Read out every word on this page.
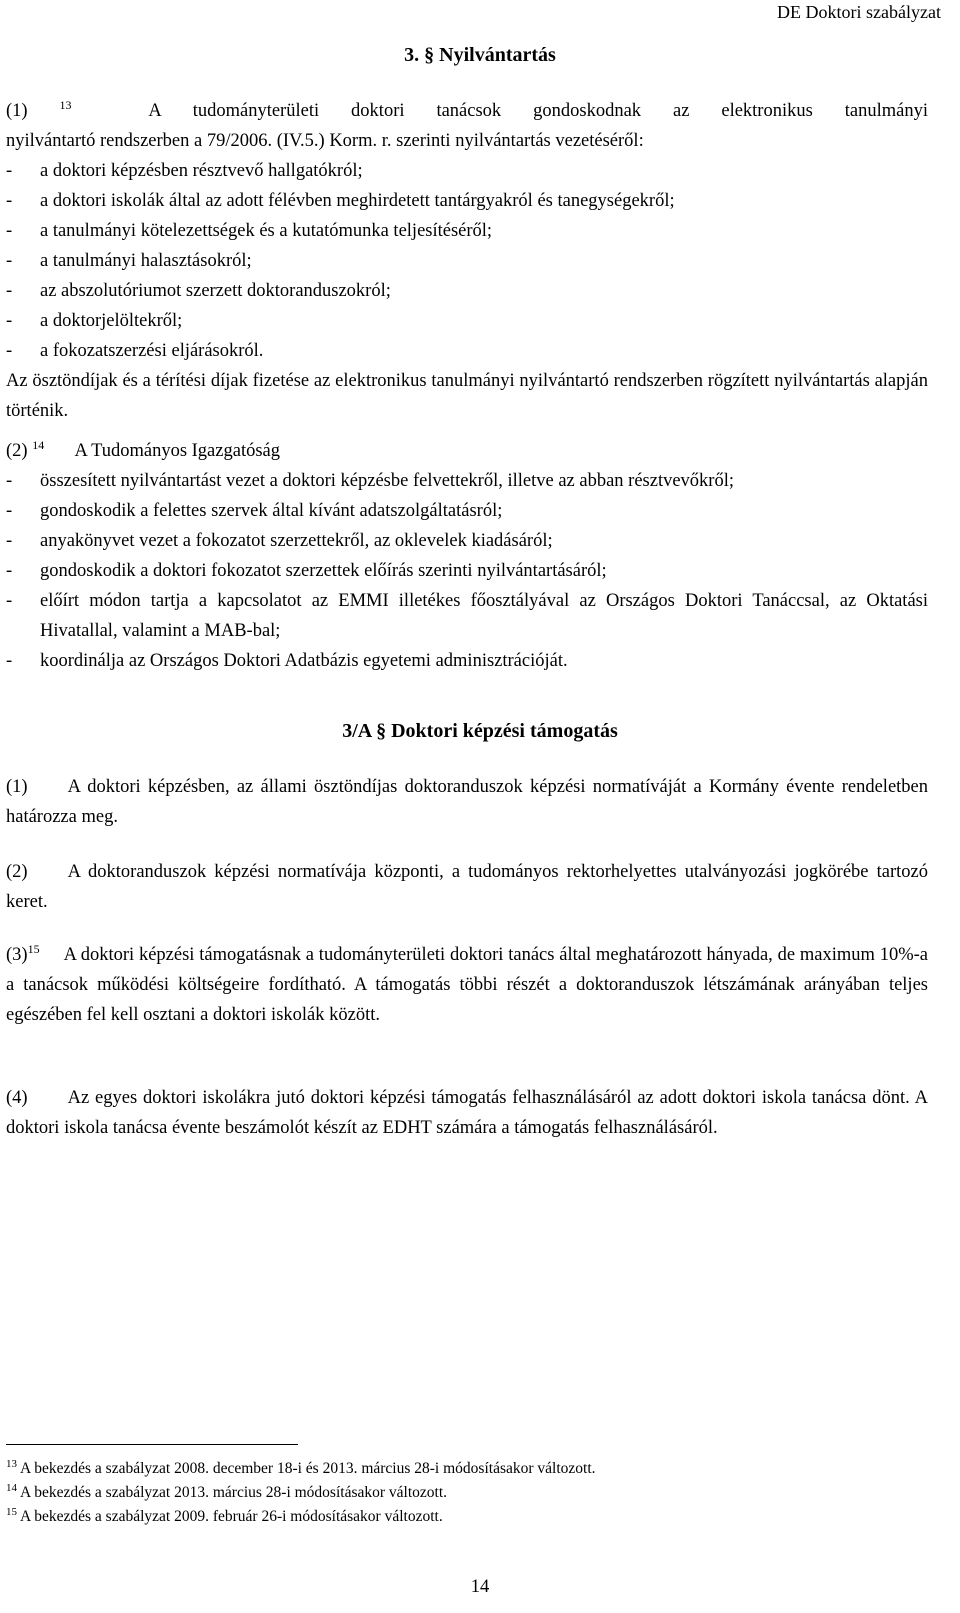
DE Doktori szabályzat
3. § Nyilvántartás
(1)	$^{13}$	A tudományterületi doktori tanácsok gondoskodnak az elektronikus tanulmányi
nyilvántartó rendszerben a 79/2006. (IV.5.) Korm. r. szerinti nyilvántartás vezetéséről:
-	a doktori képzésben résztvevő hallgatókról;
-	a doktori iskolák által az adott félévben meghirdetett tantárgyakról és tanegységekről;
-	a tanulmányi kötelezettségek és a kutatómunka teljesítéséről;
-	a tanulmányi halasztásokról;
-	az abszolutóriumot szerzett doktoranduszokról;
-	a doktorjelöltekről;
-	a fokozatszerzési eljárásokról.
Az ösztöndíjak és a térítési díjak fizetése az elektronikus tanulmányi nyilvántartó rendszerben rögzített nyilvántartás alapján történik.
(2) $^{14}$ A Tudományos Igazgatóság
-	összesített nyilvántartást vezet a doktori képzésbe felvettekről, illetve az abban résztvevőkről;
-	gondoskodik a felettes szervek által kívánt adatszolgáltatásról;
-	anyakönyvet vezet a fokozatot szerzettekről, az oklevelek kiadásáról;
-	gondoskodik a doktori fokozatot szerzettek előírás szerinti nyilvántartásáról;
-	előírt módon tartja a kapcsolatot az EMMI illetékes főosztályával az Országos Doktori Tanáccsal, az Oktatási Hivatallal, valamint a MAB-bal;
-	koordinálja az Országos Doktori Adatbázis egyetemi adminisztrációját.
3/A § Doktori képzési támogatás
(1) A doktori képzésben, az állami ösztöndíjas doktoranduszok képzési normatíváját a Kormány évente rendeletben határozza meg.
(2) A doktoranduszok képzési normatívája központi, a tudományos rektorhelyettes utalványozási jogkörébe tartozó keret.
$(3)^{15}$ A doktori képzési támogatásnak a tudományterületi doktori tanács által meghatározott hányada, de maximum 10%-a a tanácsok működési költségeire fordítható. A támogatás többi részét a doktoranduszok létszámának arányában teljes egészében fel kell osztani a doktori iskolák között.
(4) Az egyes doktori iskolákra jutó doktori képzési támogatás felhasználásáról az adott doktori iskola tanácsa dönt. A doktori iskola tanácsa évente beszámolót készít az EDHT számára a támogatás felhasználásáról.
$^{13}$ A bekezdés a szabályzat 2008. december 18-i és 2013. március 28-i módosításakor változott.
$^{14}$ A bekezdés a szabályzat 2013. március 28-i módosításakor változott.
$^{15}$ A bekezdés a szabályzat 2009. február 26-i módosításakor változott.
14
